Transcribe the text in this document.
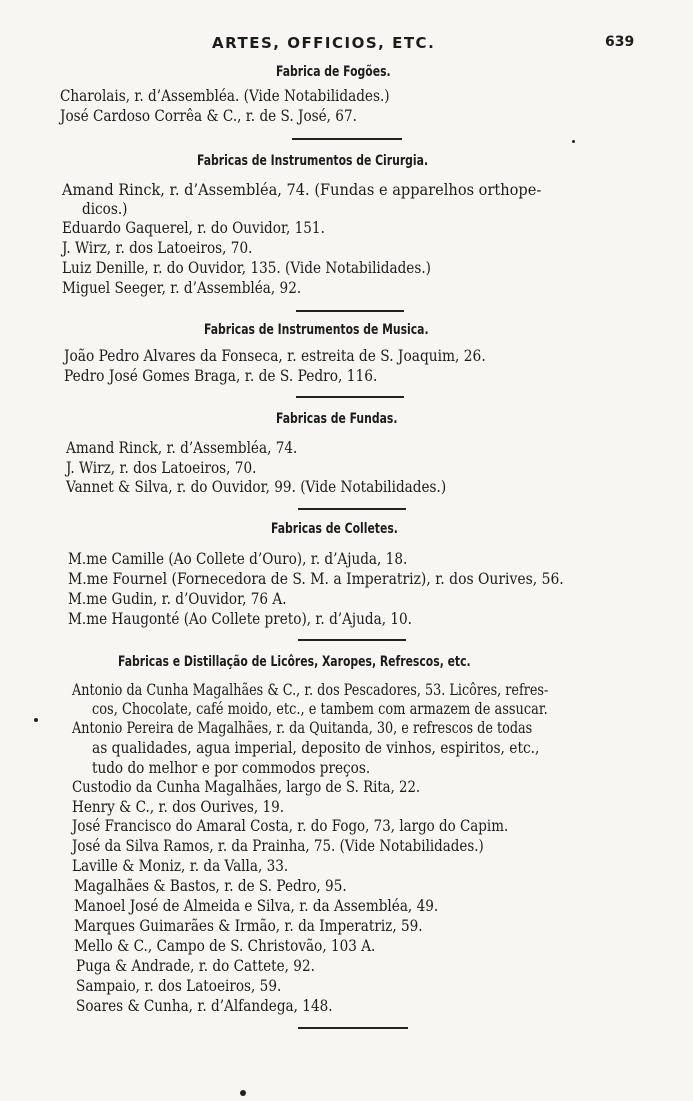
ARTES, OFFICIOS, ETC.	639
Fabrica de Fogões.
Charolais, r. d’Assembléa. (Vide Notabilidades.)
José Cardoso Corrêa & C., r. de S. José, 67.
Fabricas de Instrumentos de Cirurgia.
Amand Rinck, r. d’Assembléa, 74. (Fundas e apparelhos orthope-
dicos.)
Eduardo Gaquerel, r. do Ouvidor, 151.
J. Wirz, r. dos Latoeiros, 70.
Luiz Denille, r. do Ouvidor, 135. (Vide Notabilidades.)
Miguel Seeger, r. d’Assembléa, 92.
Fabricas de Instrumentos de Musica.
João Pedro Alvares da Fonseca, r. estreita de S. Joaquim, 26.
Pedro José Gomes Braga, r. de S. Pedro, 116.
Fabricas de Fundas.
Amand Rinck, r. d’Assembléa, 74.
J. Wirz, r. dos Latoeiros, 70.
Vannet & Silva, r. do Ouvidor, 99. (Vide Notabilidades.)
Fabricas de Colletes.
M.me Camille (Ao Collete d’Ouro), r. d’Ajuda, 18.
M.me Fournel (Fornecedora de S. M. a Imperatriz), r. dos Ourives, 56.
M.me Gudin, r. d’Ouvidor, 76 A.
M.me Haugonté (Ao Collete preto), r. d’Ajuda, 10.
Fabricas e Distillação de Licôres, Xaropes, Refrescos, etc.
Antonio da Cunha Magalhães & C., r. dos Pescadores, 53. Licôres, refres-
cos, Chocolate, café moido, etc., e tambem com armazem de assucar.
Antonio Pereira de Magalhães, r. da Quitanda, 30, e refrescos de todas
as qualidades, agua imperial, deposito de vinhos, espiritos, etc.,
tudo do melhor e por commodos preços.
Custodio da Cunha Magalhães, largo de S. Rita, 22.
Henry & C., r. dos Ourives, 19.
José Francisco do Amaral Costa, r. do Fogo, 73, largo do Capim.
José da Silva Ramos, r. da Prainha, 75. (Vide Notabilidades.)
Laville & Moniz, r. da Valla, 33.
Magalhães & Bastos, r. de S. Pedro, 95.
Manoel José de Almeida e Silva, r. da Assembléa, 49.
Marques Guimarães & Irmão, r. da Imperatriz, 59.
Mello & C., Campo de S. Christovão, 103 A.
Puga & Andrade, r. do Cattete, 92.
Sampaio, r. dos Latoeiros, 59.
Soares & Cunha, r. d’Alfandega, 148.
